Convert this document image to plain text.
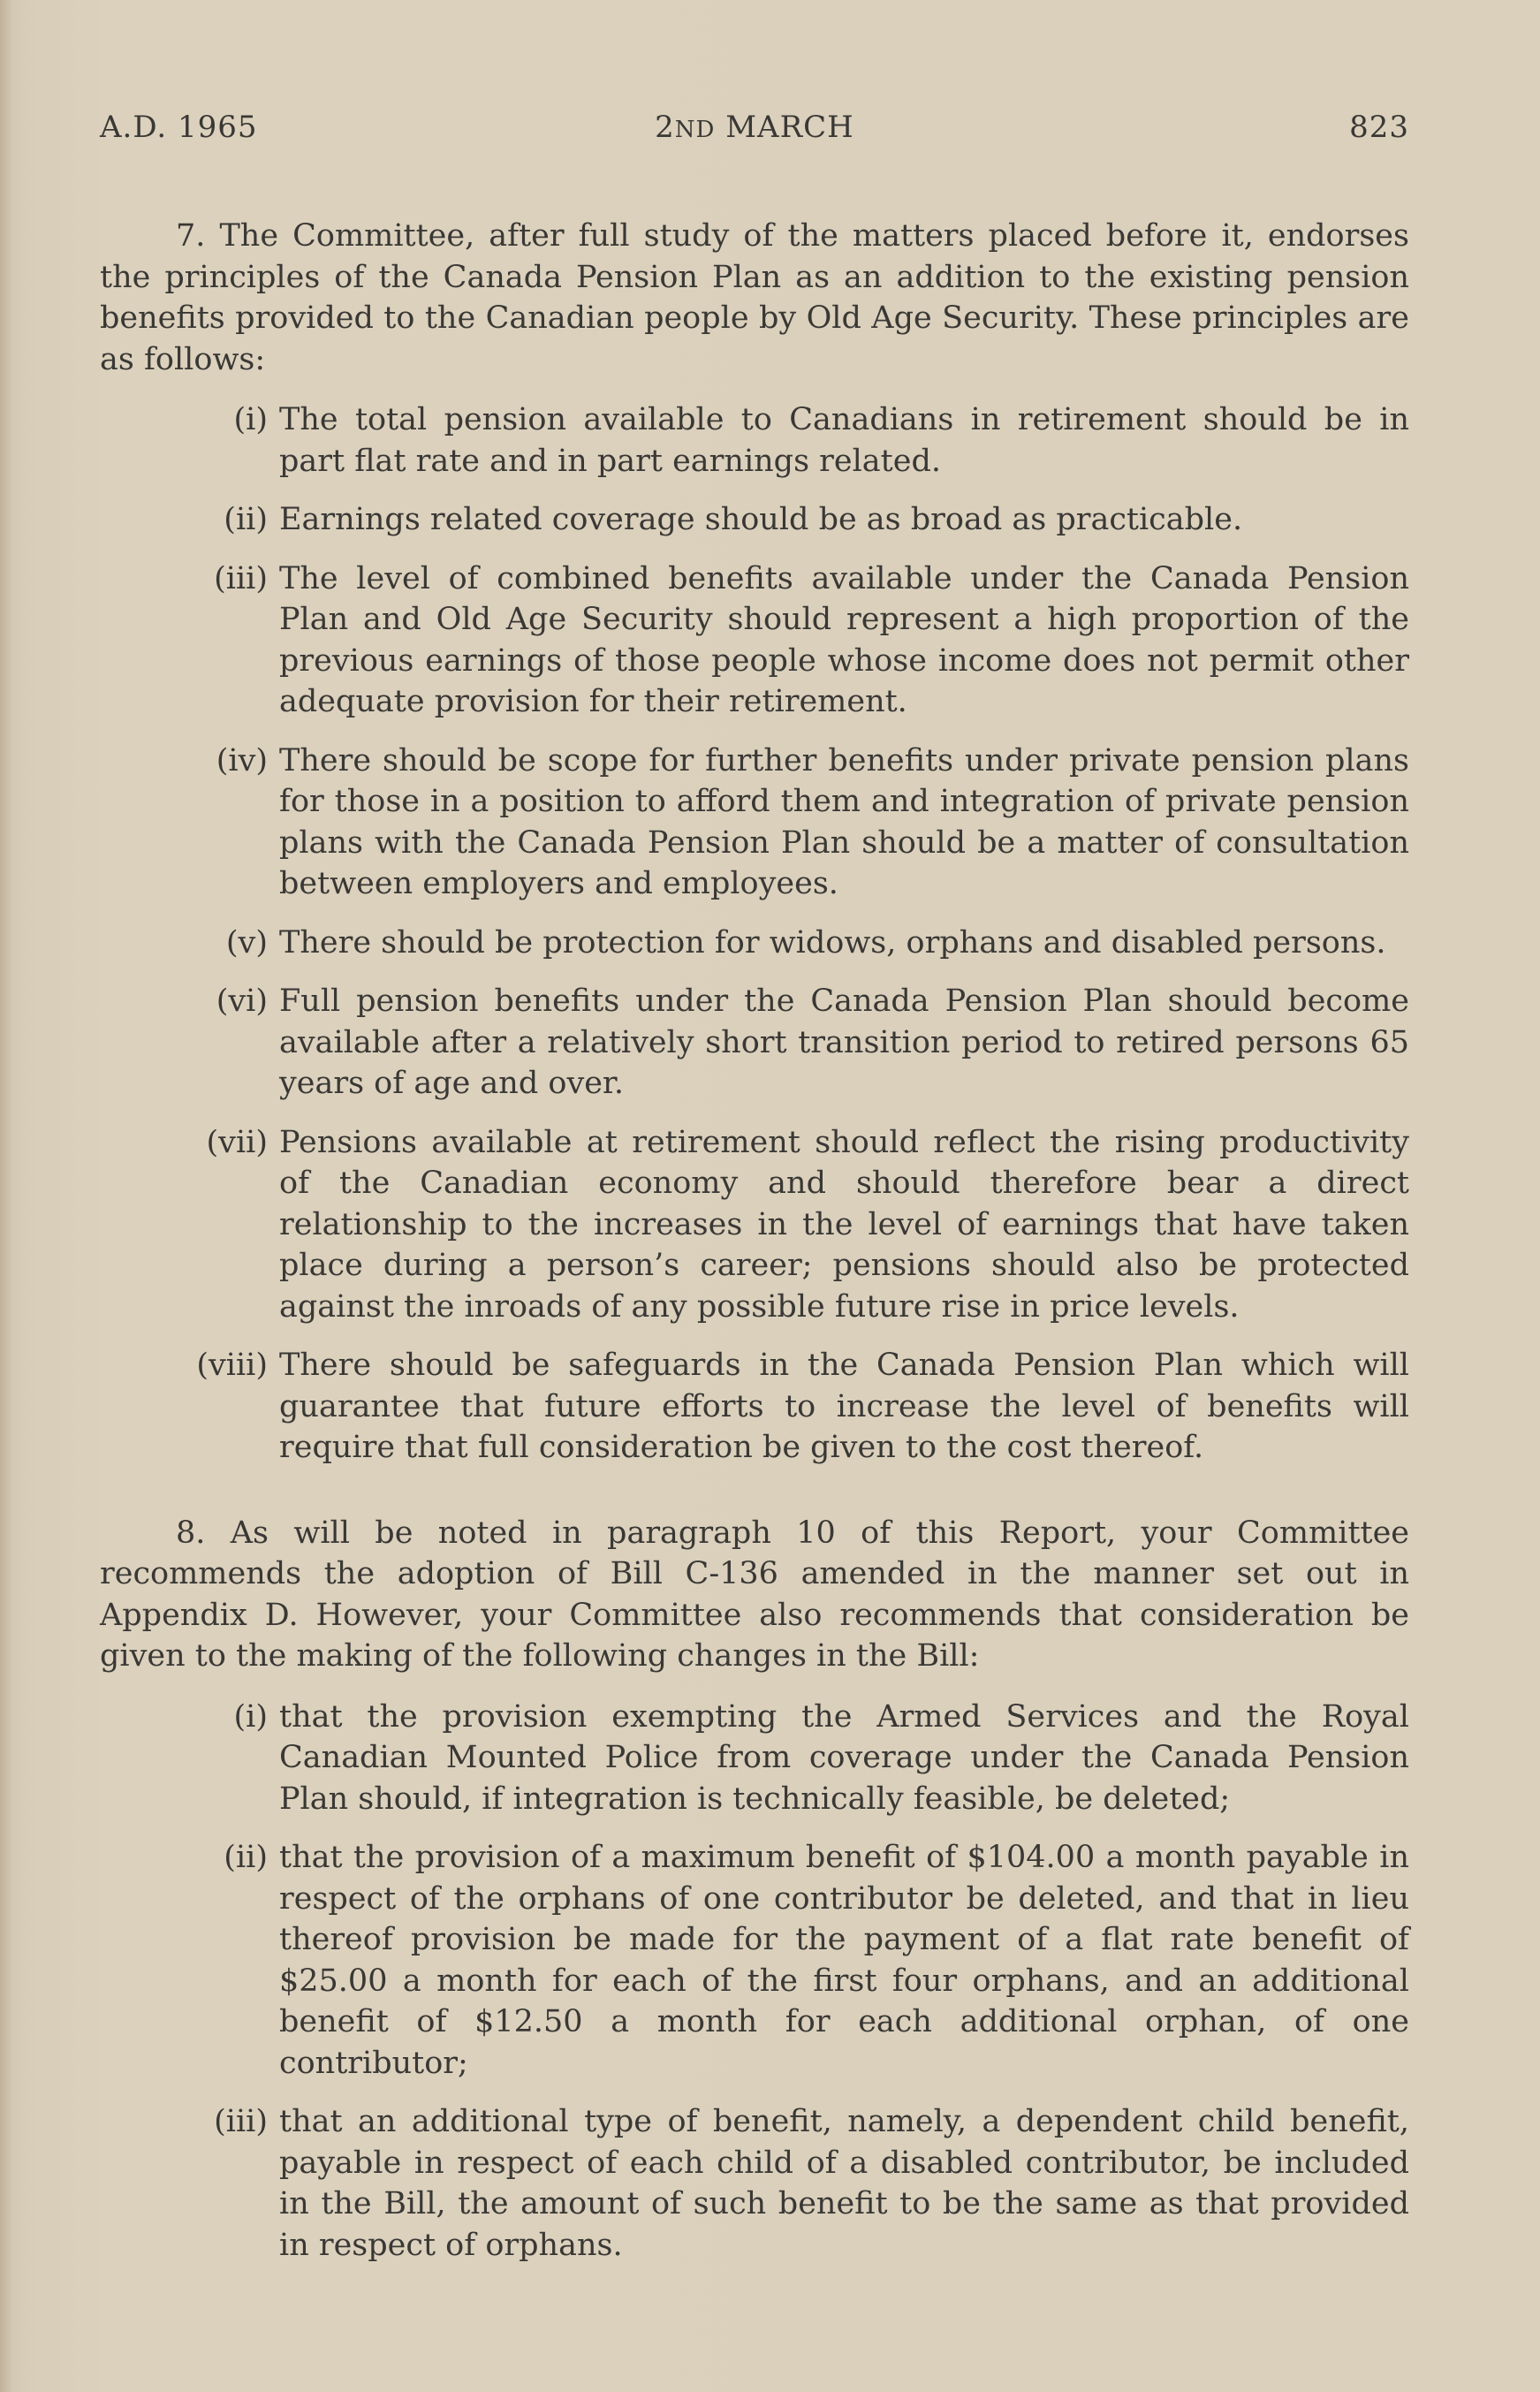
A.D. 1965	2ND MARCH	823

7. The Committee, after full study of the matters placed before it, endorses the principles of the Canada Pension Plan as an addition to the existing pension benefits provided to the Canadian people by Old Age Security. These principles are as follows:

(i) The total pension available to Canadians in retirement should be in part flat rate and in part earnings related.
(ii) Earnings related coverage should be as broad as practicable.
(iii) The level of combined benefits available under the Canada Pension Plan and Old Age Security should represent a high proportion of the previous earnings of those people whose income does not permit other adequate provision for their retirement.
(iv) There should be scope for further benefits under private pension plans for those in a position to afford them and integration of private pension plans with the Canada Pension Plan should be a matter of consultation between employers and employees.
(v) There should be protection for widows, orphans and disabled persons.
(vi) Full pension benefits under the Canada Pension Plan should become available after a relatively short transition period to retired persons 65 years of age and over.
(vii) Pensions available at retirement should reflect the rising productivity of the Canadian economy and should therefore bear a direct relationship to the increases in the level of earnings that have taken place during a person’s career; pensions should also be protected against the inroads of any possible future rise in price levels.
(viii) There should be safeguards in the Canada Pension Plan which will guarantee that future efforts to increase the level of benefits will require that full consideration be given to the cost thereof.

8. As will be noted in paragraph 10 of this Report, your Committee recommends the adoption of Bill C-136 amended in the manner set out in Appendix D. However, your Committee also recommends that consideration be given to the making of the following changes in the Bill:

(i) that the provision exempting the Armed Services and the Royal Canadian Mounted Police from coverage under the Canada Pension Plan should, if integration is technically feasible, be deleted;
(ii) that the provision of a maximum benefit of $104.00 a month payable in respect of the orphans of one contributor be deleted, and that in lieu thereof provision be made for the payment of a flat rate benefit of $25.00 a month for each of the first four orphans, and an additional benefit of $12.50 a month for each additional orphan, of one contributor;
(iii) that an additional type of benefit, namely, a dependent child benefit, payable in respect of each child of a disabled contributor, be included in the Bill, the amount of such benefit to be the same as that provided in respect of orphans.
